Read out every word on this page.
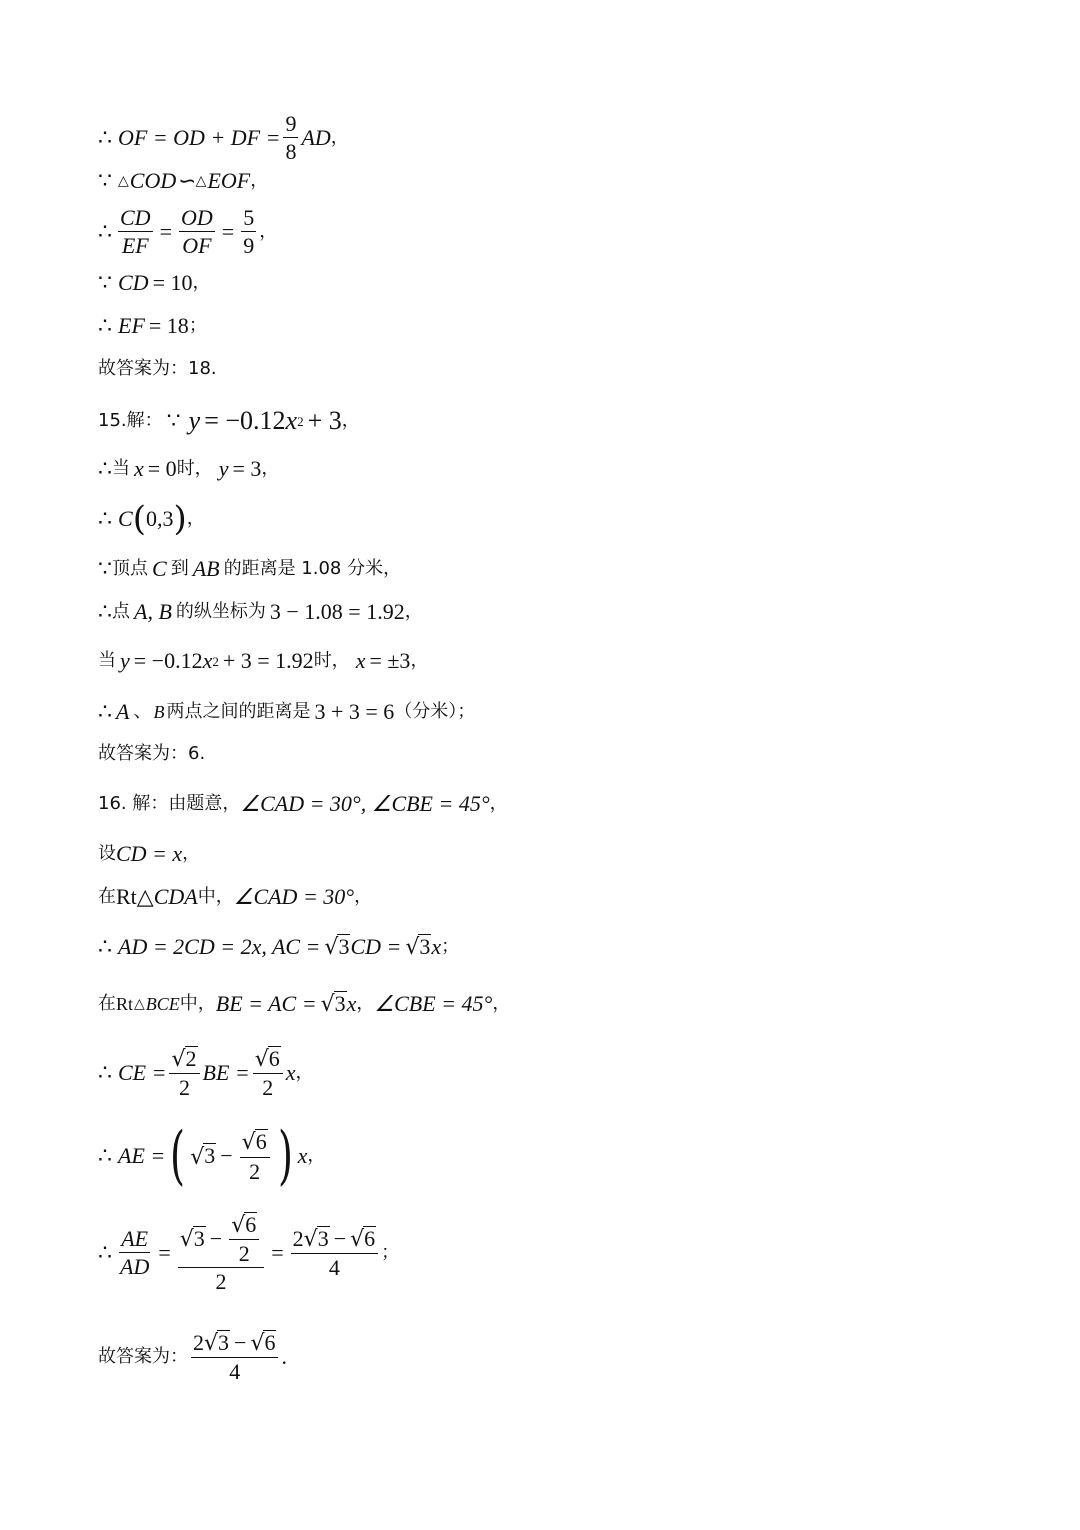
∴ OF = OD + DF = $\frac{9}{8}$ AD ，
∵ △ COD∽ △ EOF ，
∴ $\frac{CD}{EF} = \frac{OD}{OF} = \frac{5}{9}$ ，
∵ CD = 10 ，
∴ EF = 18 ；
故答案为：18.
15.解： ∵ y = −0.12 x 2 + 3 ，
∴ 当 x = 0 时， y = 3 ，
∴ C ( 0,3 ) ，
∵ 顶点 C 到 AB 的距离是 1.08 分米，
∴ 点 A, B 的纵坐标为 3 − 1.08 = 1.92 ，
当 y = −0.12 x 2 + 3 = 1.92 时， x = ±3 ，
∴ A 、 B 两点之间的距离是 3 + 3 = 6 （分米）；
故答案为：6.
16. 解：由题意， ∠CAD = 30°, ∠CBE = 45° ，
设 CD = x ，
在 Rt △ CDA 中， ∠CAD = 30° ，
∴ AD = 2CD = 2x, AC = √ 3 CD = √ 3 x ；
在 Rt △ BCE 中， BE = AC = √ 3 x ， ∠CBE = 45° ，
∴ CE = $\frac{√ 2}{2}$ BE = $\frac{√ 6}{2}$ x ，
∴ AE = ( √ $3 - \frac{√ 6}{2}$ ) x ，
∴ $\frac{AE}{AD} = \frac{√ 3 - \frac{√ 6}{2}}{2} = \frac{2 √ 3 - √ 6}{4}$ ；
故答案为： $\frac{2 √ 3 - √ 6}{4}$ .
